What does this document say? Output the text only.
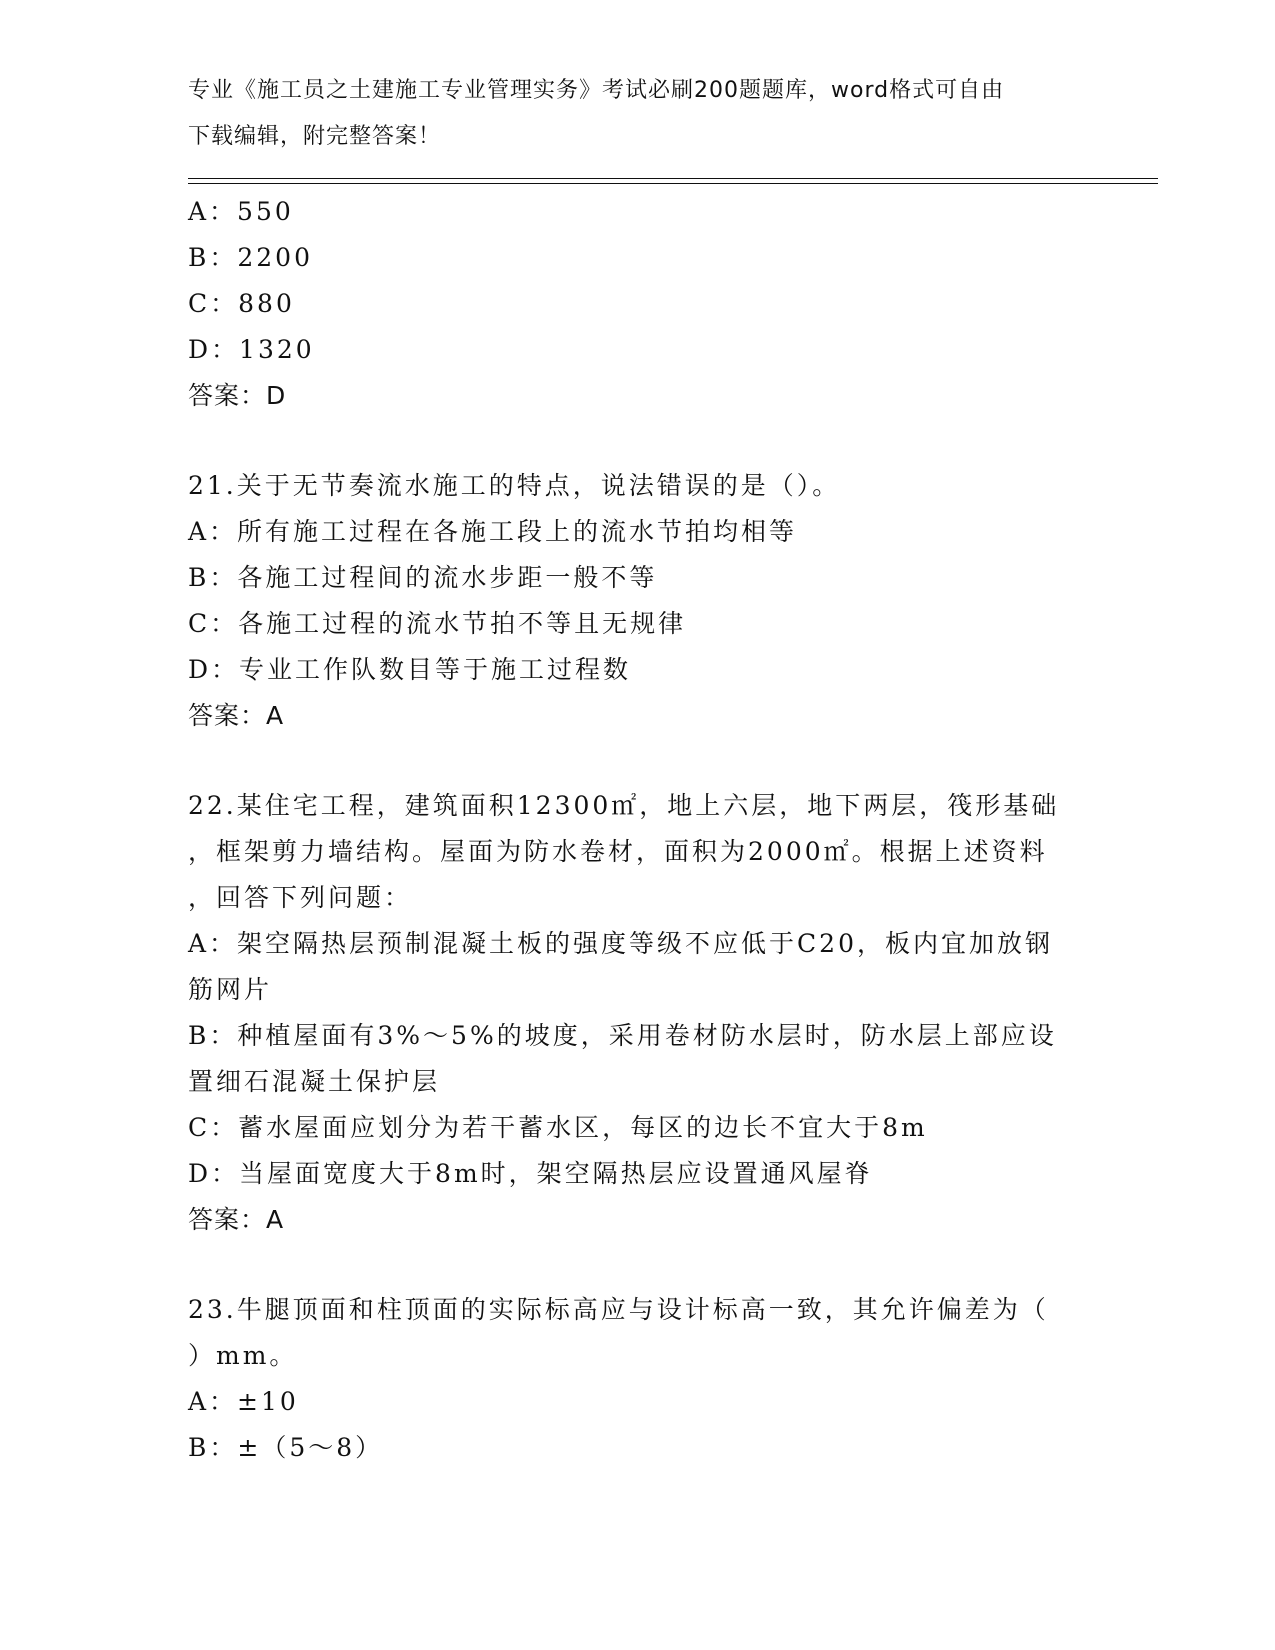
专业《施工员之土建施工专业管理实务》考试必刷200题题库，word格式可自由
下载编辑，附完整答案！
A：550
B：2200
C：880
D：1320
答案：D
21.关于无节奏流水施工的特点，说法错误的是（）。
A：所有施工过程在各施工段上的流水节拍均相等
B：各施工过程间的流水步距一般不等
C：各施工过程的流水节拍不等且无规律
D：专业工作队数目等于施工过程数
答案：A
22.某住宅工程，建筑面积12300㎡，地上六层，地下两层，筏形基础
，框架剪力墙结构。屋面为防水卷材，面积为2000㎡。根据上述资料
，回答下列问题：
A：架空隔热层预制混凝土板的强度等级不应低于C20，板内宜加放钢
筋网片
B：种植屋面有3%～5%的坡度，采用卷材防水层时，防水层上部应设
置细石混凝土保护层
C：蓄水屋面应划分为若干蓄水区，每区的边长不宜大于8m
D：当屋面宽度大于8m时，架空隔热层应设置通风屋脊
答案：A
23.牛腿顶面和柱顶面的实际标高应与设计标高一致，其允许偏差为（
）mm。
A：±10
B：±（5～8）
